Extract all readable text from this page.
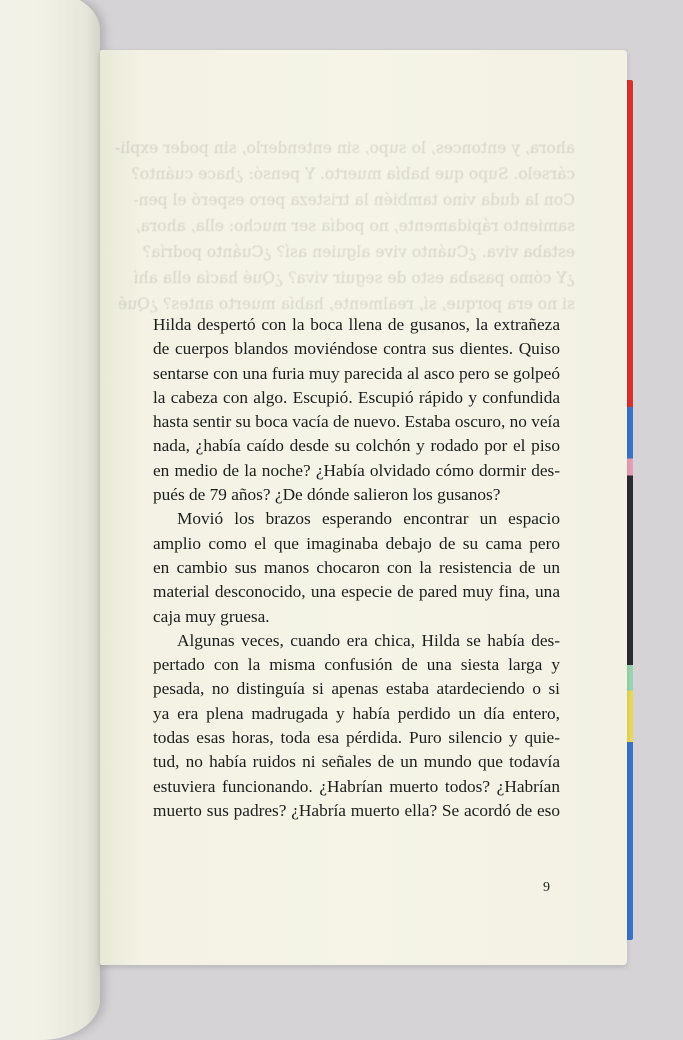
ahora, y entonces, lo supo, sin entenderlo, sin poder expli-

cárselo. Supo que había muerto. Y pensó: ¿hace cuánto?

Con la duda vino también la tristeza pero esperó el pen-

samiento rápidamente, no podía ser mucho: ella, ahora,

estaba viva. ¿Cuánto vive alguien así? ¿Cuánto podría?

¿Y cómo pasaba esto de seguir viva? ¿Qué hacía ella ahí

si no era porque, sí, realmente, había muerto antes? ¿Qué

Hilda despertó con la boca llena de gusanos, la extrañeza
de cuerpos blandos moviéndose contra sus dientes. Quiso
sentarse con una furia muy parecida al asco pero se golpeó
la cabeza con algo. Escupió. Escupió rápido y confundida
hasta sentir su boca vacía de nuevo. Estaba oscuro, no veía
nada, ¿había caído desde su colchón y rodado por el piso
en medio de la noche? ¿Había olvidado cómo dormir des-
pués de 79 años? ¿De dónde salieron los gusanos?
Movió los brazos esperando encontrar un espacio
amplio como el que imaginaba debajo de su cama pero
en cambio sus manos chocaron con la resistencia de un
material desconocido, una especie de pared muy fina, una
caja muy gruesa.
Algunas veces, cuando era chica, Hilda se había des-
pertado con la misma confusión de una siesta larga y
pesada, no distinguía si apenas estaba atardeciendo o si
ya era plena madrugada y había perdido un día entero,
todas esas horas, toda esa pérdida. Puro silencio y quie-
tud, no había ruidos ni señales de un mundo que todavía
estuviera funcionando. ¿Habrían muerto todos? ¿Habrían
muerto sus padres? ¿Habría muerto ella? Se acordó de eso
9
